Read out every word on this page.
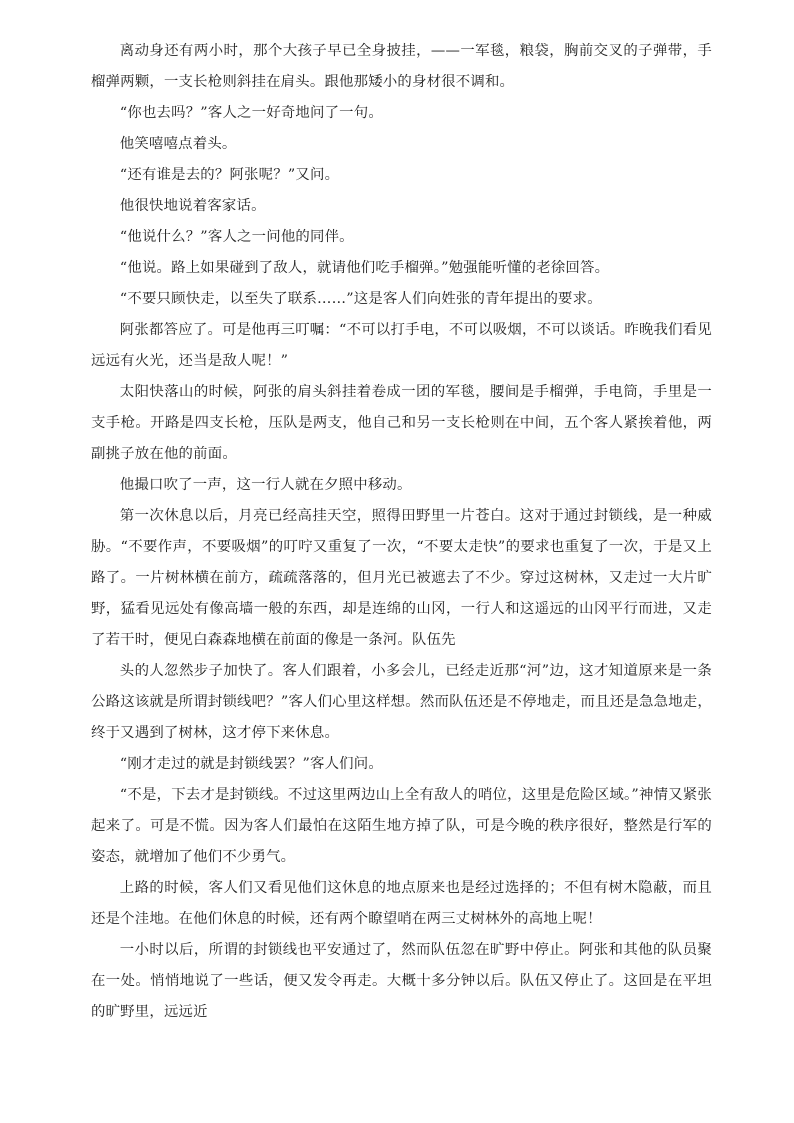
离动身还有两小时，那个大孩子早已全身披挂，——一军毯，粮袋，胸前交叉的子弹带，手榴弹两颗，一支长枪则斜挂在肩头。跟他那矮小的身材很不调和。

“你也去吗？”客人之一好奇地问了一句。

他笑嘻嘻点着头。

“还有谁是去的？阿张呢？”又问。

他很快地说着客家话。

“他说什么？”客人之一问他的同伴。

“他说。路上如果碰到了敌人，就请他们吃手榴弹。”勉强能听懂的老徐回答。

“不要只顾快走，以至失了联系……”这是客人们向姓张的青年提出的要求。

阿张都答应了。可是他再三叮嘱：“不可以打手电，不可以吸烟，不可以谈话。昨晚我们看见远远有火光，还当是敌人呢！”

太阳快落山的时候，阿张的肩头斜挂着卷成一团的军毯，腰间是手榴弹，手电筒，手里是一支手枪。开路是四支长枪，压队是两支，他自己和另一支长枪则在中间，五个客人紧挨着他，两副挑子放在他的前面。

他撮口吹了一声，这一行人就在夕照中移动。

第一次休息以后，月亮已经高挂天空，照得田野里一片苍白。这对于通过封锁线，是一种威胁。“不要作声，不要吸烟”的叮咛又重复了一次，“不要太走快”的要求也重复了一次，于是又上路了。一片树林横在前方，疏疏落落的，但月光已被遮去了不少。穿过这树林，又走过一大片旷野，猛看见远处有像高墙一般的东西，却是连绵的山冈，一行人和这遥远的山冈平行而进，又走了若干时，便见白森森地横在前面的像是一条河。队伍先

头的人忽然步子加快了。客人们跟着，小多会儿，已经走近那“河”边，这才知道原来是一条公路这该就是所谓封锁线吧？”客人们心里这样想。然而队伍还是不停地走，而且还是急急地走，终于又遇到了树林，这才停下来休息。

“刚才走过的就是封锁线罢？”客人们问。

“不是，下去才是封锁线。不过这里两边山上全有敌人的哨位，这里是危险区域。”神情又紧张起来了。可是不慌。因为客人们最怕在这陌生地方掉了队，可是今晚的秩序很好，整然是行军的姿态，就增加了他们不少勇气。

上路的时候，客人们又看见他们这休息的地点原来也是经过选择的；不但有树木隐蔽，而且还是个洼地。在他们休息的时候，还有两个瞭望哨在两三丈树林外的高地上呢！

一小时以后，所谓的封锁线也平安通过了，然而队伍忽在旷野中停止。阿张和其他的队员聚在一处。悄悄地说了一些话，便又发令再走。大概十多分钟以后。队伍又停止了。这回是在平坦的旷野里，远远近
